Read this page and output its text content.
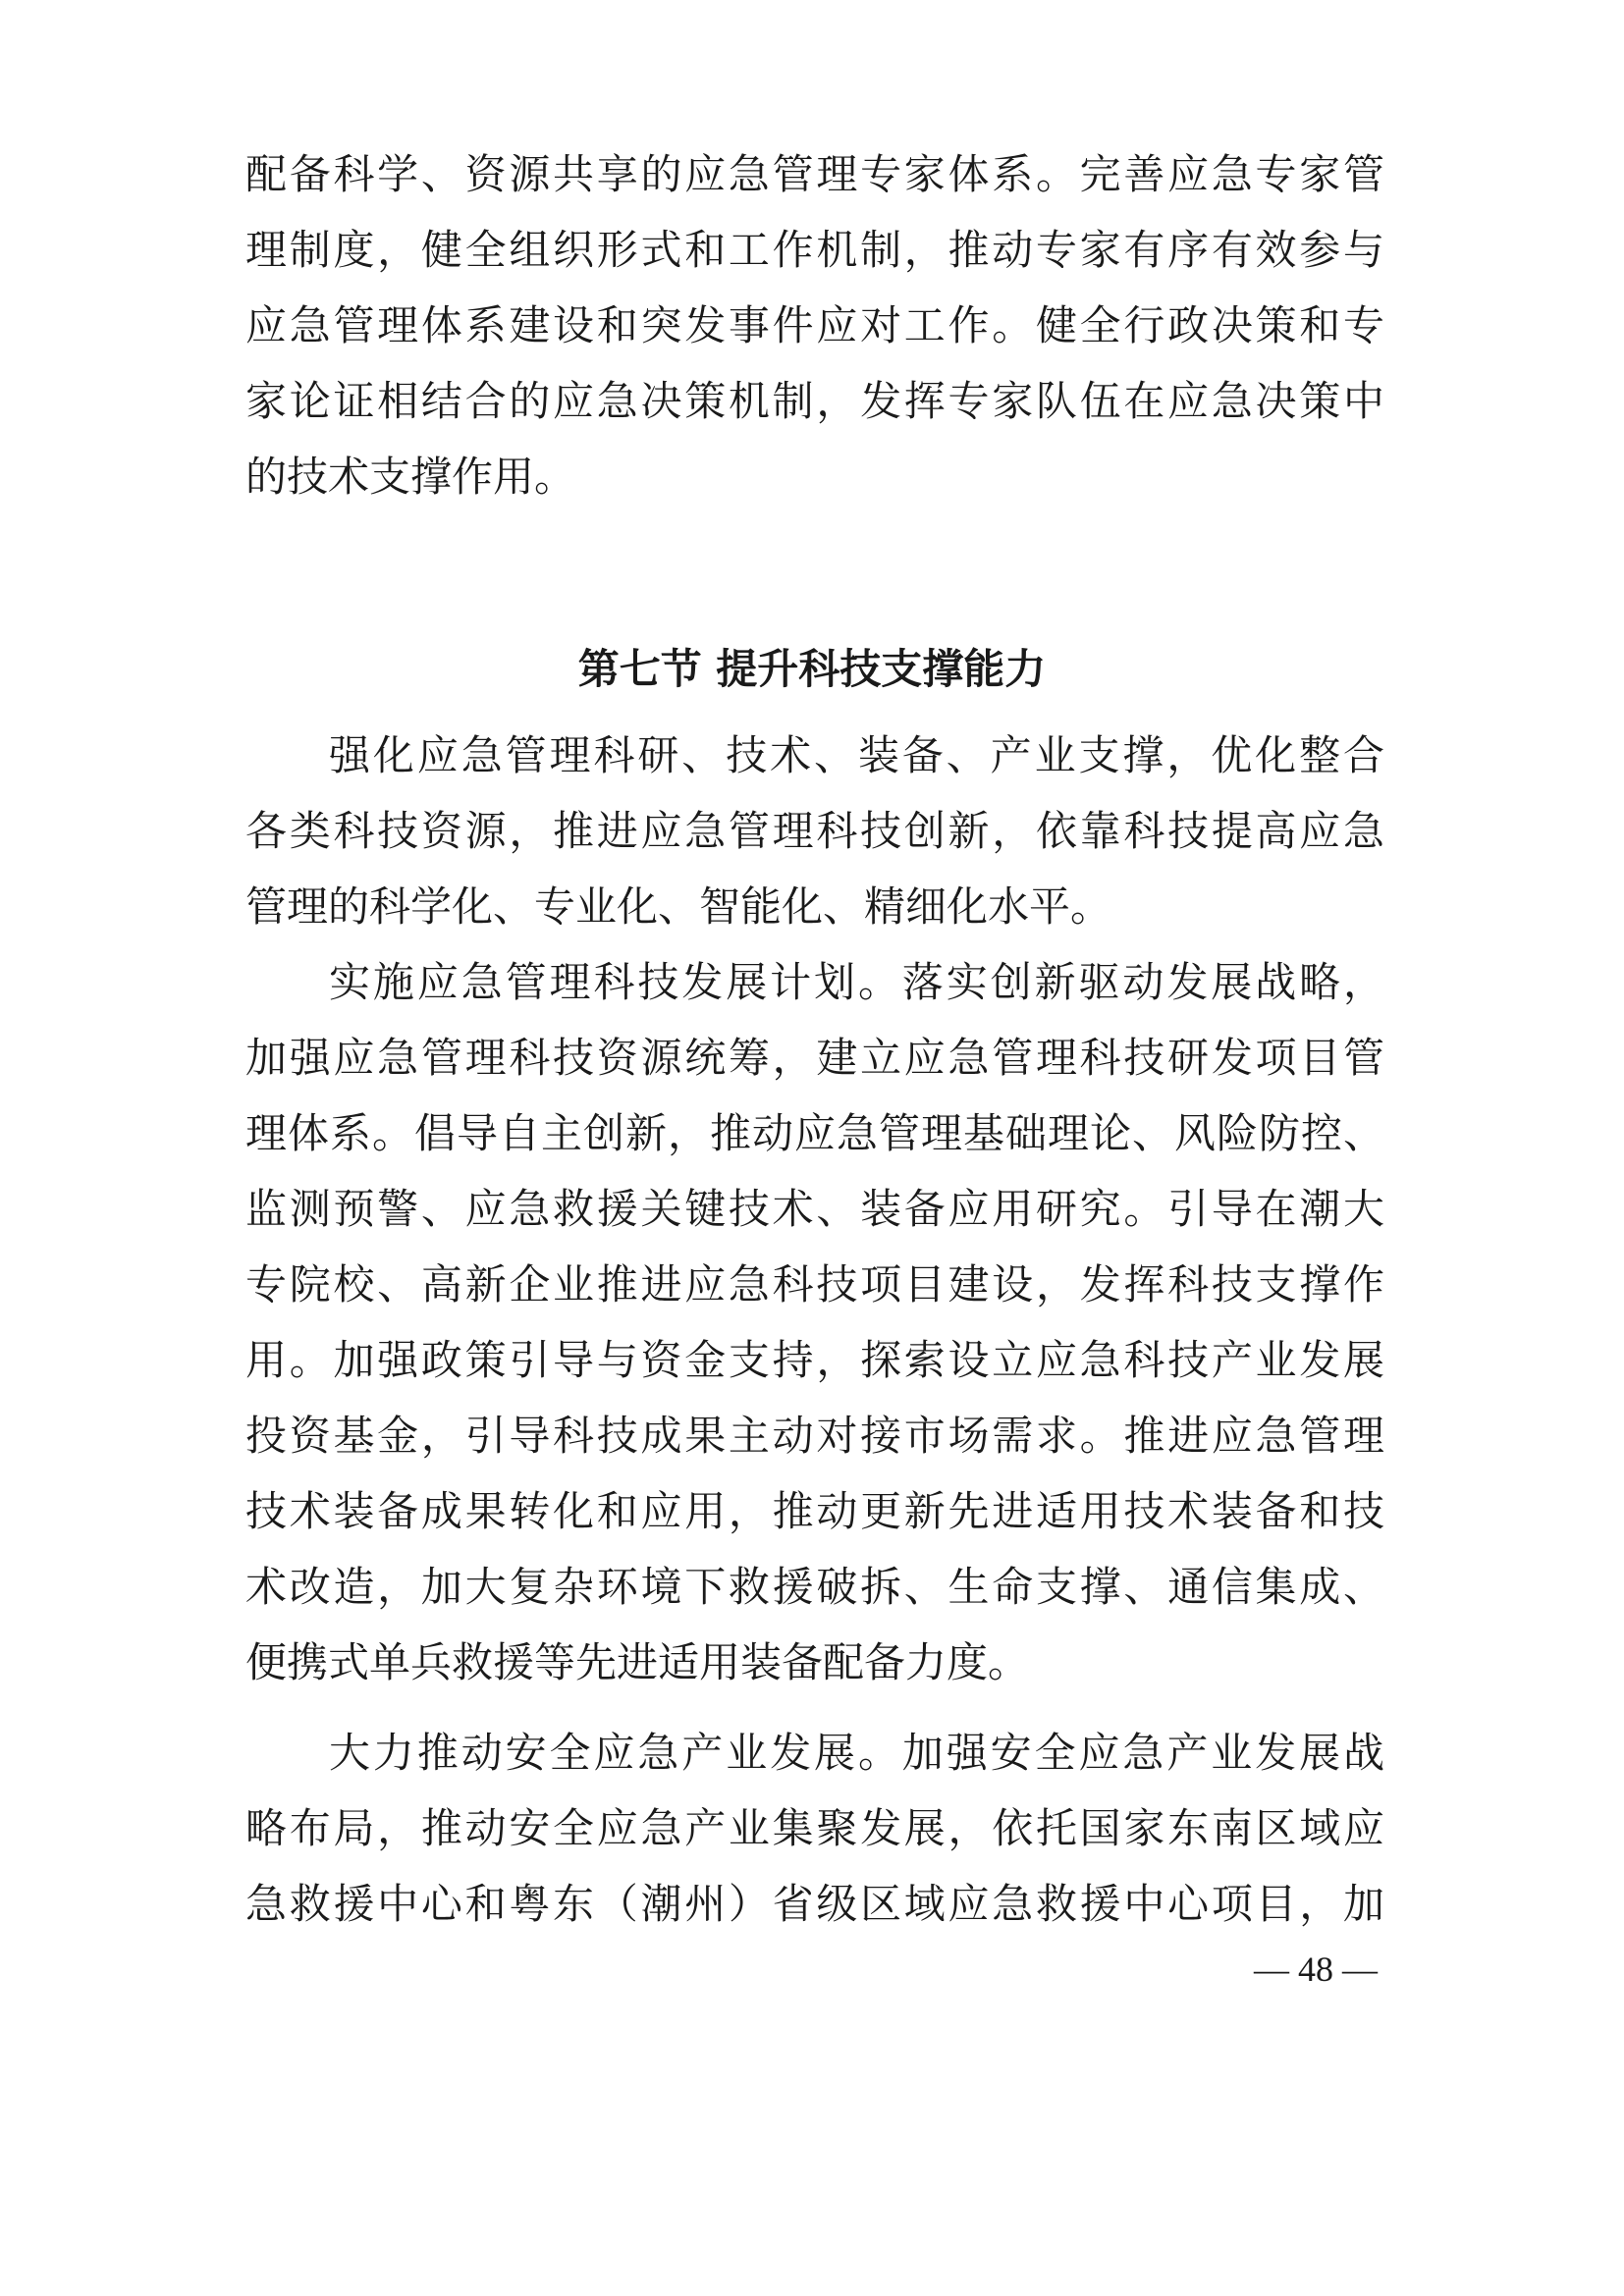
配备科学、资源共享的应急管理专家体系。完善应急专家管
理制度，健全组织形式和工作机制，推动专家有序有效参与
应急管理体系建设和突发事件应对工作。健全行政决策和专
家论证相结合的应急决策机制，发挥专家队伍在应急决策中
的技术支撑作用。
第七节 提升科技支撑能力
强化应急管理科研、技术、装备、产业支撑，优化整合
各类科技资源，推进应急管理科技创新，依靠科技提高应急
管理的科学化、专业化、智能化、精细化水平。
实施应急管理科技发展计划。落实创新驱动发展战略，
加强应急管理科技资源统筹，建立应急管理科技研发项目管
理体系。倡导自主创新，推动应急管理基础理论、风险防控、
监测预警、应急救援关键技术、装备应用研究。引导在潮大
专院校、高新企业推进应急科技项目建设，发挥科技支撑作
用。加强政策引导与资金支持，探索设立应急科技产业发展
投资基金，引导科技成果主动对接市场需求。推进应急管理
技术装备成果转化和应用，推动更新先进适用技术装备和技
术改造，加大复杂环境下救援破拆、生命支撑、通信集成、
便携式单兵救援等先进适用装备配备力度。
大力推动安全应急产业发展。加强安全应急产业发展战
略布局，推动安全应急产业集聚发展，依托国家东南区域应
急救援中心和粤东（潮州）省级区域应急救援中心项目，加
— 48 —
